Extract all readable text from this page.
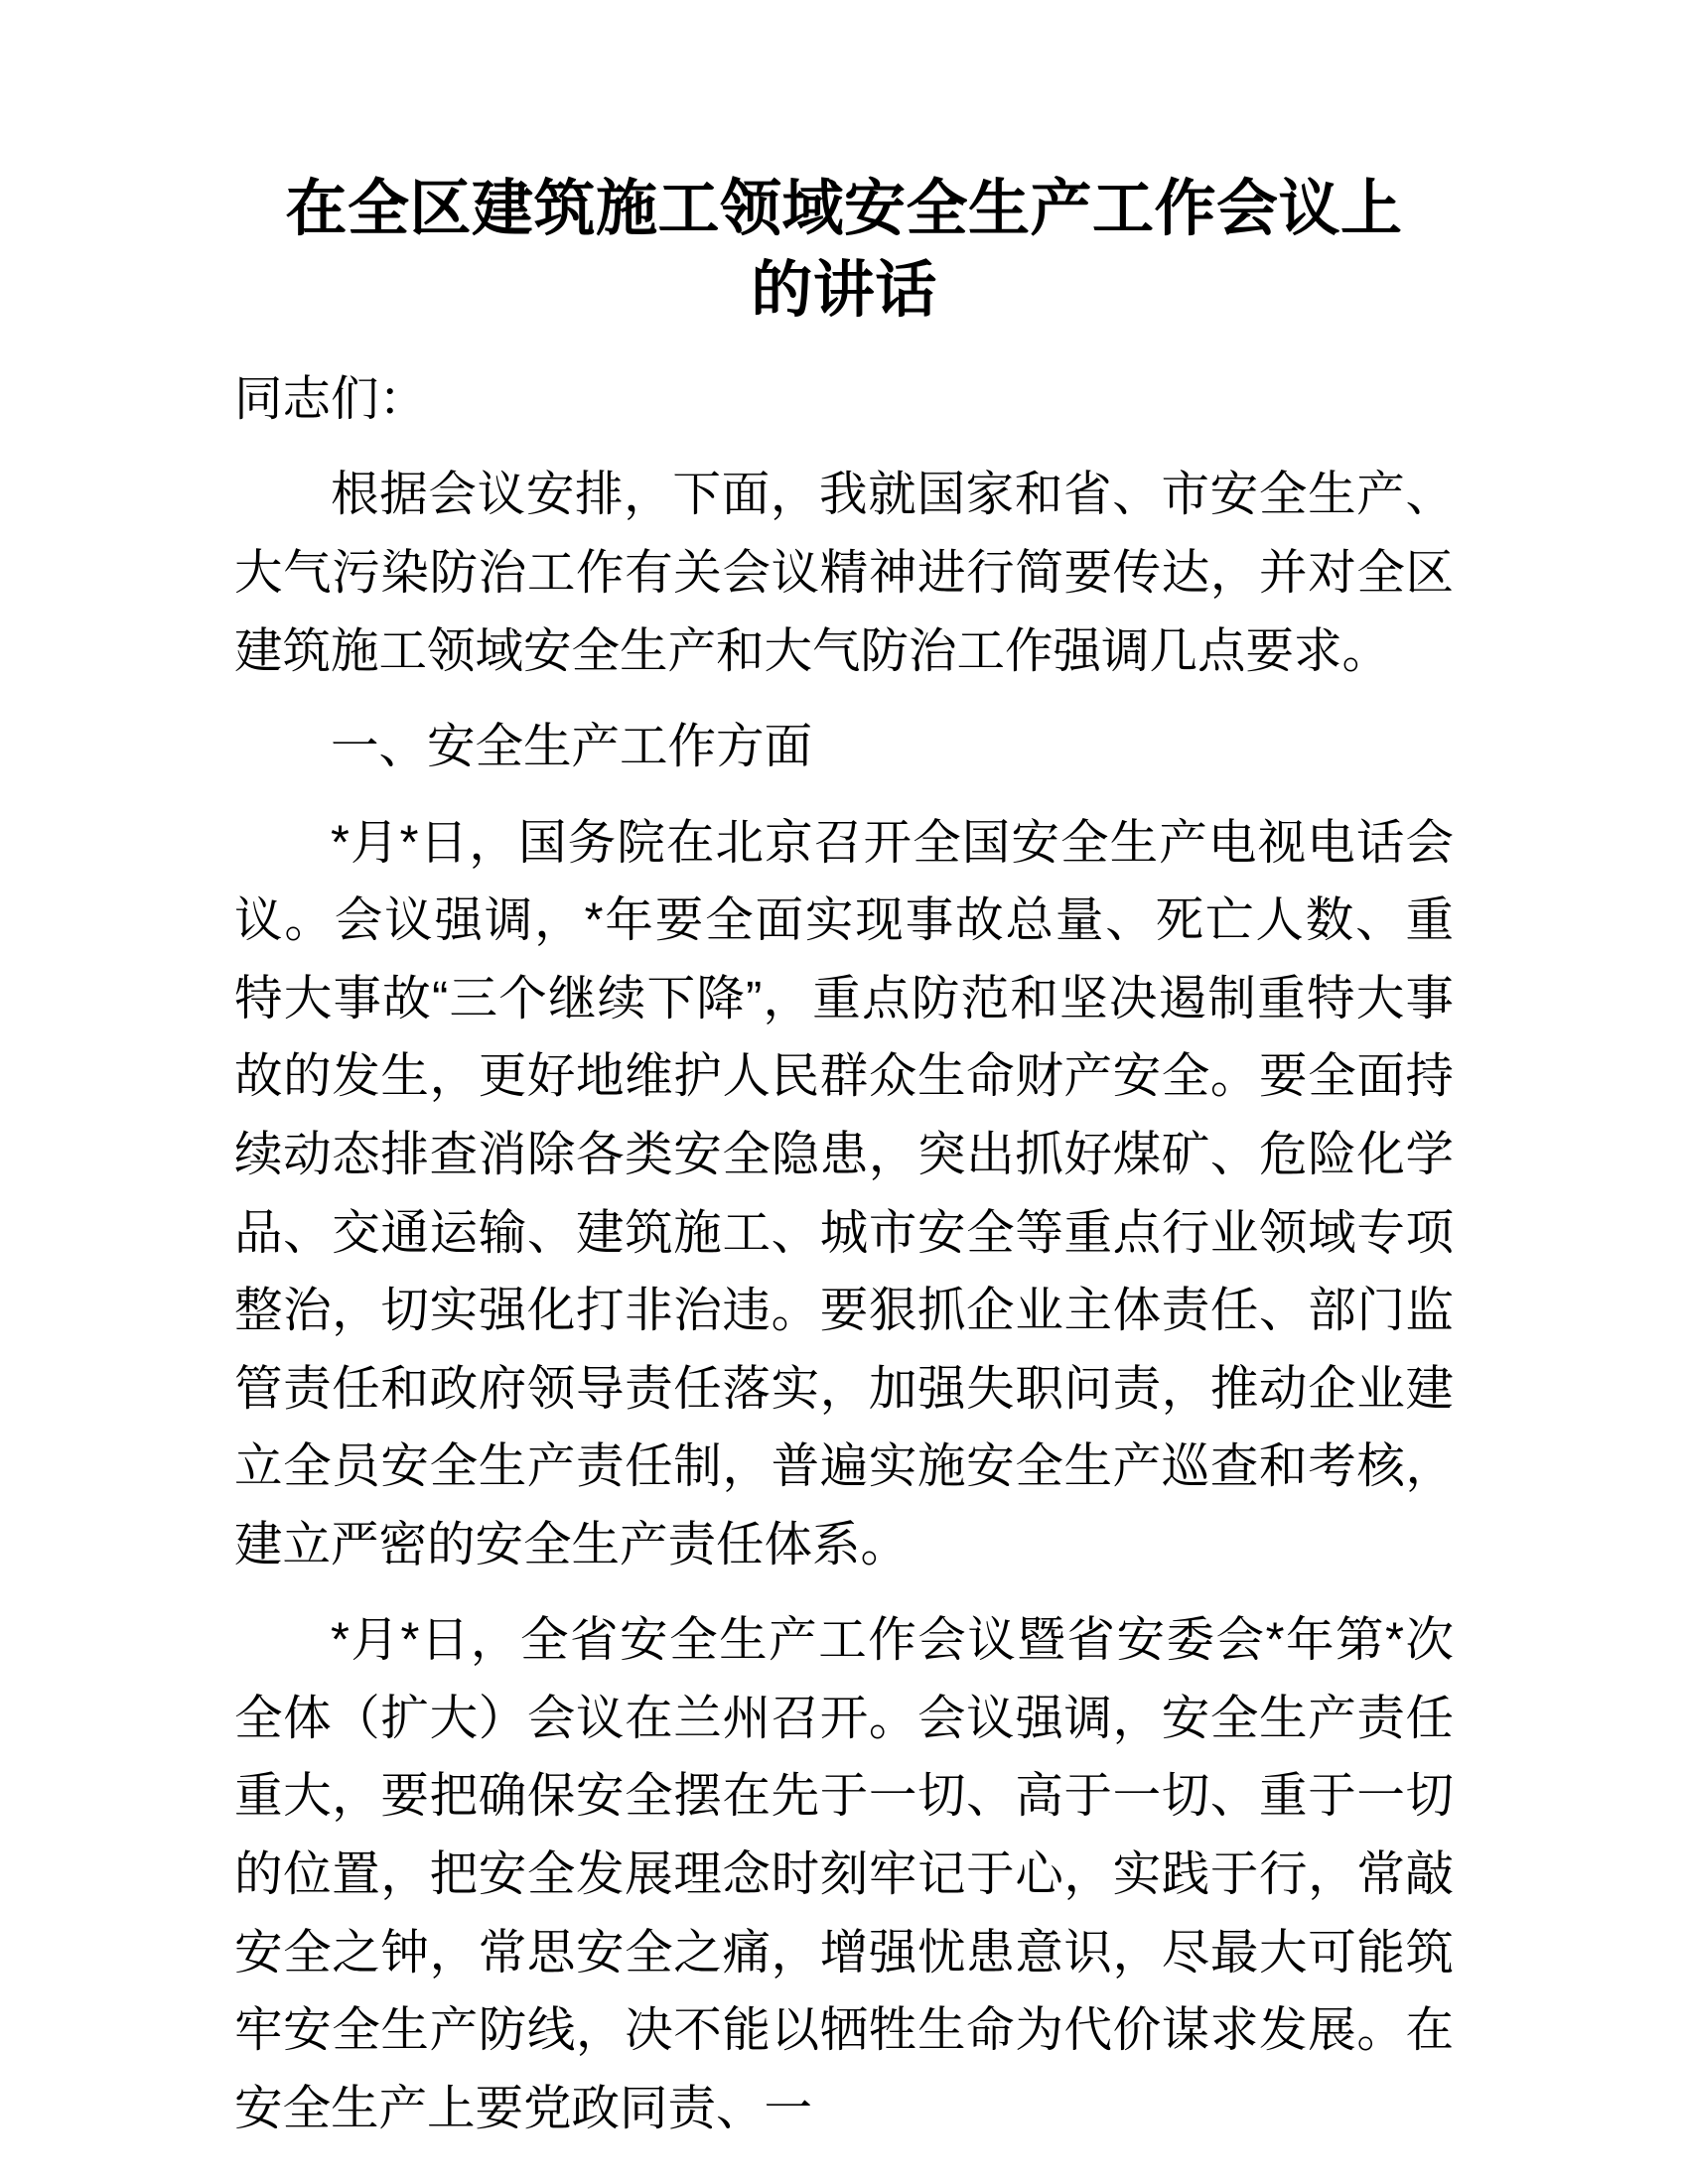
在全区建筑施工领域安全生产工作会议上的讲话

同志们：

根据会议安排，下面，我就国家和省、市安全生产、大气污染防治工作有关会议精神进行简要传达，并对全区建筑施工领域安全生产和大气防治工作强调几点要求。

一、安全生产工作方面

*月*日，国务院在北京召开全国安全生产电视电话会议。会议强调，*年要全面实现事故总量、死亡人数、重特大事故“三个继续下降”，重点防范和坚决遏制重特大事故的发生，更好地维护人民群众生命财产安全。要全面持续动态排查消除各类安全隐患，突出抓好煤矿、危险化学品、交通运输、建筑施工、城市安全等重点行业领域专项整治，切实强化打非治违。要狠抓企业主体责任、部门监管责任和政府领导责任落实，加强失职问责，推动企业建立全员安全生产责任制，普遍实施安全生产巡查和考核，建立严密的安全生产责任体系。

*月*日，全省安全生产工作会议暨省安委会*年第*次全体（扩大）会议在兰州召开。会议强调，安全生产责任重大，要把确保安全摆在先于一切、高于一切、重于一切的位置，把安全发展理念时刻牢记于心，实践于行，常敲安全之钟，常思安全之痛，增强忧患意识，尽最大可能筑牢安全生产防线，决不能以牺牲生命为代价谋求发展。在安全生产上要党政同责、一
